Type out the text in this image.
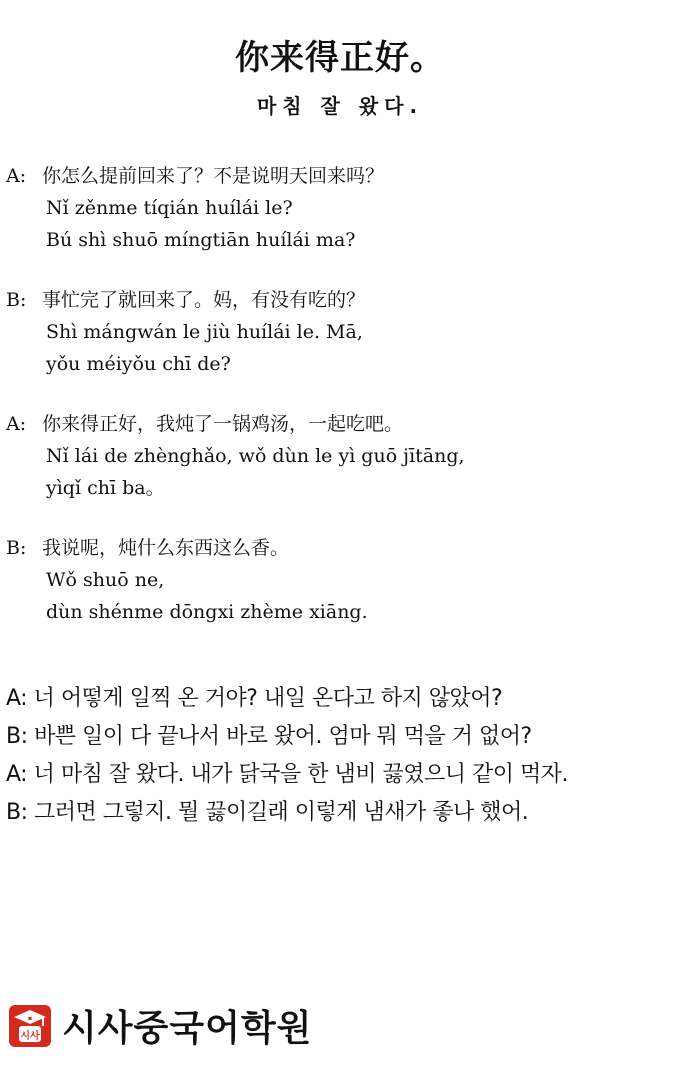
你来得正好。
마침 잘 왔다.
A: 你怎么提前回来了？不是说明天回来吗？
Nǐ zěnme tíqián huílái le?
Bú shì shuō míngtiān huílái ma?
B: 事忙完了就回来了。妈，有没有吃的？
Shì mángwán le jiù huílái le. Mā,
yǒu méiyǒu chī de?
A: 你来得正好，我炖了一锅鸡汤，一起吃吧。
Nǐ lái de zhènghǎo, wǒ dùn le yì guō jītāng,
yìqǐ chī ba。
B: 我说呢，炖什么东西这么香。
Wǒ shuō ne,
dùn shénme dōngxi zhème xiāng.
A: 너 어떻게 일찍 온 거야? 내일 온다고 하지 않았어?
B: 바쁜 일이 다 끝나서 바로 왔어. 엄마 뭐 먹을 거 없어?
A: 너 마침 잘 왔다. 내가 닭국을 한 냄비 끓였으니 같이 먹자.
B: 그러면 그렇지. 뭘 끓이길래 이렇게 냄새가 좋나 했어.
시사 시사중국어학원
